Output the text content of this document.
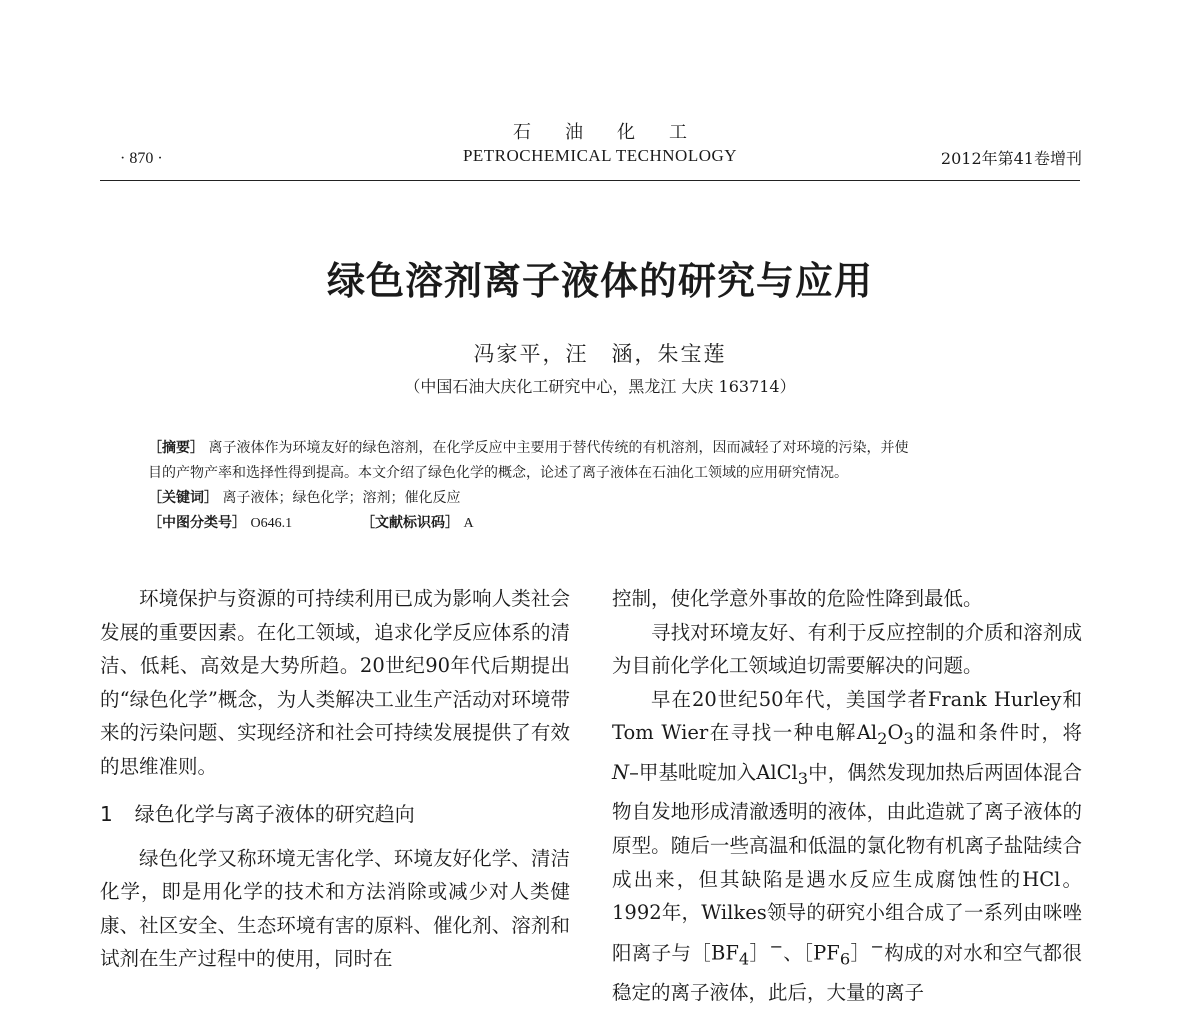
石油化工
PETROCHEMICAL TECHNOLOGY
· 870 ·	2012年第41卷增刊
绿色溶剂离子液体的研究与应用
冯家平，汪　涵，朱宝莲
（中国石油大庆化工研究中心，黑龙江 大庆 163714）
［摘要］ 离子液体作为环境友好的绿色溶剂，在化学反应中主要用于替代传统的有机溶剂，因而减轻了对环境的污染，并使
目的产物产率和选择性得到提高。本文介绍了绿色化学的概念，论述了离子液体在石油化工领域的应用研究情况。
［关键词］ 离子液体；绿色化学；溶剂；催化反应
［中图分类号］ O646.1	［文献标识码］ A

环境保护与资源的可持续利用已成为影响人类社会发展的重要因素。在化工领域，追求化学反应体系的清洁、低耗、高效是大势所趋。20世纪90年代后期提出的“绿色化学”概念，为人类解决工业生产活动对环境带来的污染问题、实现经济和社会可持续发展提供了有效的思维准则。

1 绿色化学与离子液体的研究趋向

绿色化学又称环境无害化学、环境友好化学、清洁化学，即是用化学的技术和方法消除或减少对人类健康、社区安全、生态环境有害的原料、催化剂、溶剂和试剂在生产过程中的使用，同时在

控制，使化学意外事故的危险性降到最低。

寻找对环境友好、有利于反应控制的介质和溶剂成为目前化学化工领域迫切需要解决的问题。

早在20世纪50年代，美国学者Frank Hurley和Tom Wier在寻找一种电解$Al_2O_3$的温和条件时，将N–甲基吡啶加入AlCl$_3$中，偶然发现加热后两固体混合物自发地形成清澈透明的液体，由此造就了离子液体的原型。随后一些高温和低温的氯化物有机离子盐陆续合成出来，但其缺陷是遇水反应生成腐蚀性的HCl。1992年，Wilkes领导的研究小组合成了一系列由咪唑阳离子与$[BF_4]^-$、$[PF_6]^-$构成的对水和空气都很稳定的离子液体，此后，大量的离子
